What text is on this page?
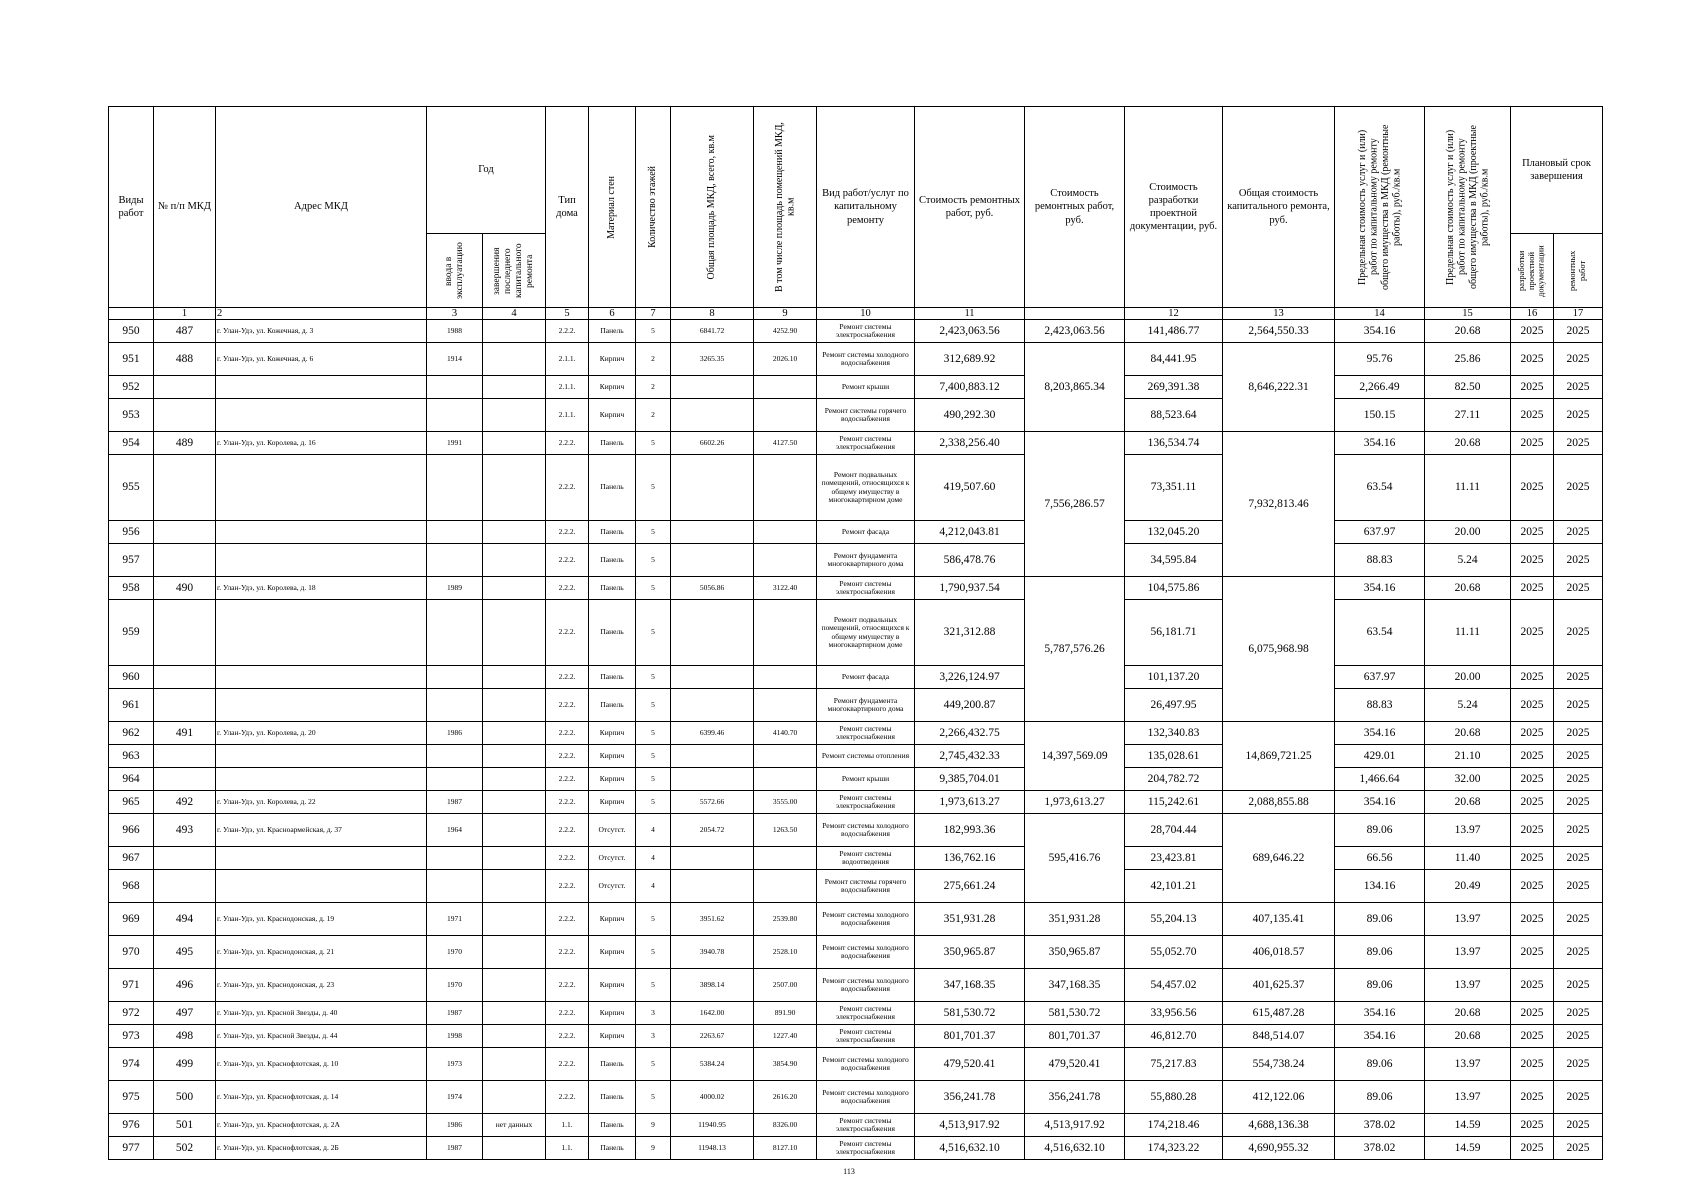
Виды работ	№ п/п МКД	Адрес МКД	Год		Тип дома	Материал стен	Количество этажей	Общая площадь МКД, всего, кв.м	В том числе площадь помещений МКД, кв.м	Вид работ/услуг по капитальному ремонту	Стоимость ремонтных работ, руб.	Стоимость ремонтных работ, руб.	Стоимость разработки проектной документации, руб.	Общая стоимость капитального ремонта, руб.	Предельная стоимость услуг и (или) работ по капитальному ремонту общего имущества в МКД (ремонтные работы), руб./кв.м	Предельная стоимость услуг и (или) работ по капитальному ремонту общего имущества в МКД (проектные работы), руб./кв.м	Плановый срок завершения	

			ввода в эксплуатацию	завершения последнего капитального ремонта													разработки проектной документации	ремонтных работ

	1	2	3	4	5	6	7	8	9	10	11		12	13	14	15	16	17
950	487	г. Улан-Удэ, ул. Кожечная, д. 3	1988		2.2.2.	Панель	5	6841.72	4252.90	Ремонт системы электроснабжения	2,423,063.56	2,423,063.56	141,486.77	2,564,550.33	354.16	20.68	2025	2025
951	488	г. Улан-Удэ, ул. Кожечная, д. 6	1914		2.1.1.	Кирпич	2	3265.35	2026.10	Ремонт системы холодного водоснабжения	312,689.92	8,203,865.34	84,441.95	8,646,222.31	95.76	25.86	2025	2025
952					2.1.1.	Кирпич	2			Ремонт крыши	7,400,883.12		269,391.38		2,266.49	82.50	2025	2025
953					2.1.1.	Кирпич	2			Ремонт системы горячего водоснабжения	490,292.30		88,523.64		150.15	27.11	2025	2025
954	489	г. Улан-Удэ, ул. Королева, д. 16	1991		2.2.2.	Панель	5	6602.26	4127.50	Ремонт системы электроснабжения	2,338,256.40	7,556,286.57	136,534.74	7,932,813.46	354.16	20.68	2025	2025
955					2.2.2.	Панель	5			Ремонт подвальных помещений, относящихся к общему имуществу в многоквартирном доме	419,507.60		73,351.11		63.54	11.11	2025	2025
956					2.2.2.	Панель	5			Ремонт фасада	4,212,043.81		132,045.20		637.97	20.00	2025	2025
957					2.2.2.	Панель	5			Ремонт фундамента многоквартирного дома	586,478.76		34,595.84		88.83	5.24	2025	2025
958	490	г. Улан-Удэ, ул. Королева, д. 18	1989		2.2.2.	Панель	5	5056.86	3122.40	Ремонт системы электроснабжения	1,790,937.54	5,787,576.26	104,575.86	6,075,968.98	354.16	20.68	2025	2025
959					2.2.2.	Панель	5			Ремонт подвальных помещений, относящихся к общему имуществу в многоквартирном доме	321,312.88		56,181.71		63.54	11.11	2025	2025
960					2.2.2.	Панель	5			Ремонт фасада	3,226,124.97		101,137.20		637.97	20.00	2025	2025
961					2.2.2.	Панель	5			Ремонт фундамента многоквартирного дома	449,200.87		26,497.95		88.83	5.24	2025	2025
962	491	г. Улан-Удэ, ул. Королева, д. 20	1986		2.2.2.	Кирпич	5	6399.46	4140.70	Ремонт системы электроснабжения	2,266,432.75	14,397,569.09	132,340.83	14,869,721.25	354.16	20.68	2025	2025
963					2.2.2.	Кирпич	5			Ремонт системы отопления	2,745,432.33		135,028.61		429.01	21.10	2025	2025
964					2.2.2.	Кирпич	5			Ремонт крыши	9,385,704.01		204,782.72		1,466.64	32.00	2025	2025
965	492	г. Улан-Удэ, ул. Королева, д. 22	1987		2.2.2.	Кирпич	5	5572.66	3555.00	Ремонт системы электроснабжения	1,973,613.27	1,973,613.27	115,242.61	2,088,855.88	354.16	20.68	2025	2025
966	493	г. Улан-Удэ, ул. Красноармейская, д. 37	1964		2.2.2.	Отсутст.	4	2054.72	1263.50	Ремонт системы холодного водоснабжения	182,993.36	595,416.76	28,704.44	689,646.22	89.06	13.97	2025	2025
967					2.2.2.	Отсутст.	4			Ремонт системы водоотведения	136,762.16		23,423.81		66.56	11.40	2025	2025
968					2.2.2.	Отсутст.	4			Ремонт системы горячего водоснабжения	275,661.24		42,101.21		134.16	20.49	2025	2025
969	494	г. Улан-Удэ, ул. Краснодонская, д. 19	1971		2.2.2.	Кирпич	5	3951.62	2539.80	Ремонт системы холодного водоснабжения	351,931.28	351,931.28	55,204.13	407,135.41	89.06	13.97	2025	2025
970	495	г. Улан-Удэ, ул. Краснодонская, д. 21	1970		2.2.2.	Кирпич	5	3940.78	2528.10	Ремонт системы холодного водоснабжения	350,965.87	350,965.87	55,052.70	406,018.57	89.06	13.97	2025	2025
971	496	г. Улан-Удэ, ул. Краснодонская, д. 23	1970		2.2.2.	Кирпич	5	3898.14	2507.00	Ремонт системы холодного водоснабжения	347,168.35	347,168.35	54,457.02	401,625.37	89.06	13.97	2025	2025
972	497	г. Улан-Удэ, ул. Красной Звезды, д. 40	1987		2.2.2.	Кирпич	3	1642.00	891.90	Ремонт системы электроснабжения	581,530.72	581,530.72	33,956.56	615,487.28	354.16	20.68	2025	2025
973	498	г. Улан-Удэ, ул. Красной Звезды, д. 44	1998		2.2.2.	Кирпич	3	2263.67	1227.40	Ремонт системы электроснабжения	801,701.37	801,701.37	46,812.70	848,514.07	354.16	20.68	2025	2025
974	499	г. Улан-Удэ, ул. Краснофлотская, д. 10	1973		2.2.2.	Панель	5	5384.24	3854.90	Ремонт системы холодного водоснабжения	479,520.41	479,520.41	75,217.83	554,738.24	89.06	13.97	2025	2025
975	500	г. Улан-Удэ, ул. Краснофлотская, д. 14	1974		2.2.2.	Панель	5	4000.02	2616.20	Ремонт системы холодного водоснабжения	356,241.78	356,241.78	55,880.28	412,122.06	89.06	13.97	2025	2025
976	501	г. Улан-Удэ, ул. Краснофлотская, д. 2А	1986	нет данных	1.1.	Панель	9	11940.95	8326.00	Ремонт системы электроснабжения	4,513,917.92	4,513,917.92	174,218.46	4,688,136.38	378.02	14.59	2025	2025
977	502	г. Улан-Удэ, ул. Краснофлотская, д. 2Б	1987		1.1.	Панель	9	11948.13	8127.10	Ремонт системы электроснабжения	4,516,632.10	4,516,632.10	174,323.22	4,690,955.32	378.02	14.59	2025	2025
113
